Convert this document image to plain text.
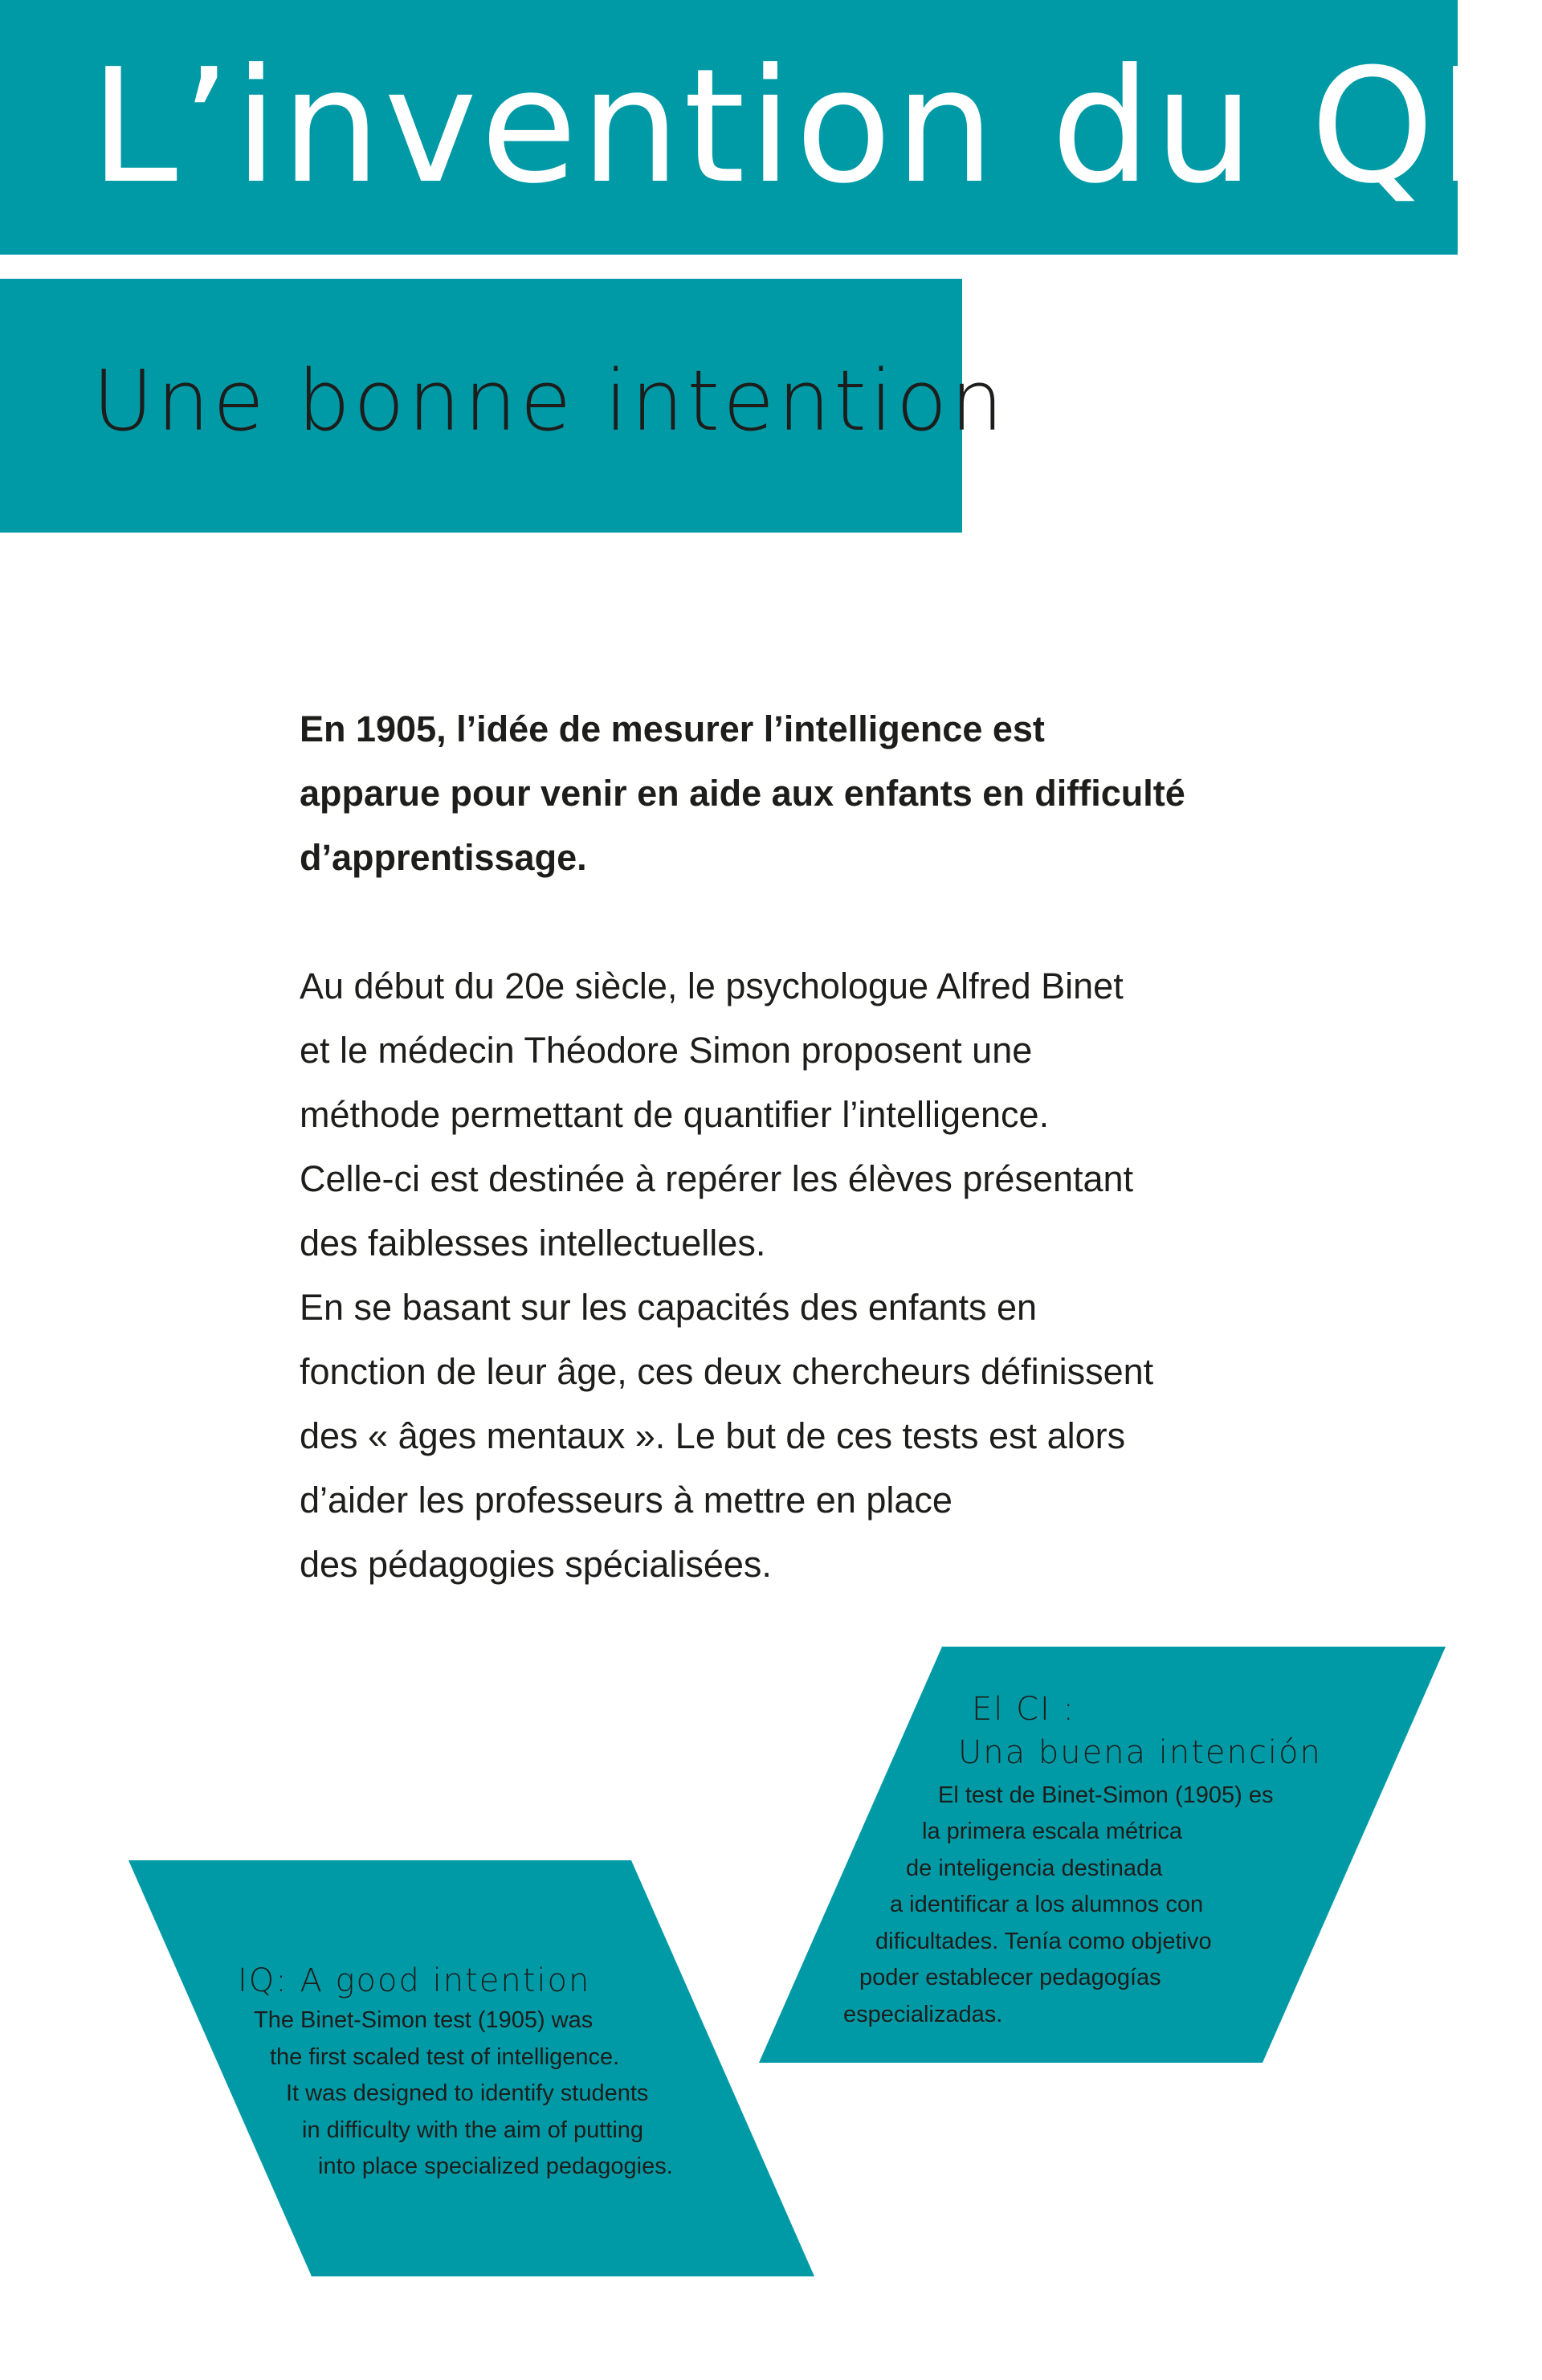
L’invention du QI
Une bonne intention

En 1905, l’idée de mesurer l’intelligence est
apparue pour venir en aide aux enfants en difficulté
d’apprentissage.

Au début du 20e siècle, le psychologue Alfred Binet
et le médecin Théodore Simon proposent une
méthode permettant de quantifier l’intelligence.
Celle-ci est destinée à repérer les élèves présentant
des faiblesses intellectuelles.
En se basant sur les capacités des enfants en
fonction de leur âge, ces deux chercheurs définissent
des « âges mentaux ». Le but de ces tests est alors
d’aider les professeurs à mettre en place
des pédagogies spécialisées.

El CI :

Una buena intención

El test de Binet-Simon (1905) es

la primera escala métrica

de inteligencia destinada

a identificar a los alumnos con

dificultades. Tenía como objetivo

poder establecer pedagogías

especializadas.

IQ: A good intention

The Binet-Simon test (1905) was

the first scaled test of intelligence.

It was designed to identify students

in difficulty with the aim of putting

into place specialized pedagogies.
